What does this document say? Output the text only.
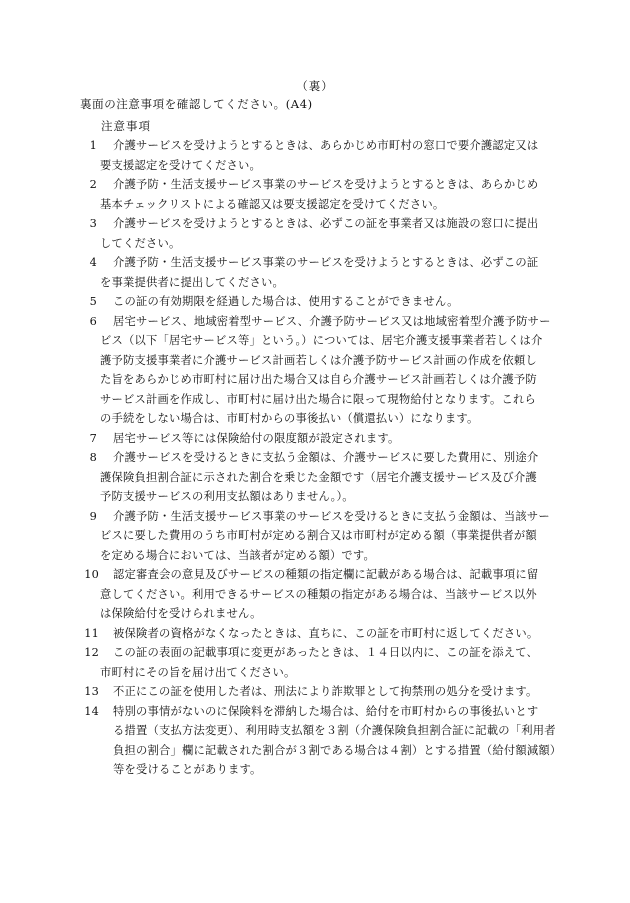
（裏）
裏面の注意事項を確認してください。(A4)
注意事項
1	介護サービスを受けようとするときは、あらかじめ市町村の窓口で要介護認定又は
要支援認定を受けてください。
2	介護予防・生活支援サービス事業のサービスを受けようとするときは、あらかじめ
基本チェックリストによる確認又は要支援認定を受けてください。
3	介護サービスを受けようとするときは、必ずこの証を事業者又は施設の窓口に提出
してください。
4	介護予防・生活支援サービス事業のサービスを受けようとするときは、必ずこの証
を事業提供者に提出してください。
5	この証の有効期限を経過した場合は、使用することができません。
6	居宅サービス、地域密着型サービス、介護予防サービス又は地域密着型介護予防サー
ビス（以下「居宅サービス等」という。）については、居宅介護支援事業者若しくは介
護予防支援事業者に介護サービス計画若しくは介護予防サービス計画の作成を依頼し
た旨をあらかじめ市町村に届け出た場合又は自ら介護サービス計画若しくは介護予防
サービス計画を作成し、市町村に届け出た場合に限って現物給付となります。これら
の手続をしない場合は、市町村からの事後払い（償還払い）になります。
7	居宅サービス等には保険給付の限度額が設定されます。
8	介護サービスを受けるときに支払う金額は、介護サービスに要した費用に、別途介
護保険負担割合証に示された割合を乗じた金額です（居宅介護支援サービス及び介護
予防支援サービスの利用支払額はありません。）。
9	介護予防・生活支援サービス事業のサービスを受けるときに支払う金額は、当該サー
ビスに要した費用のうち市町村が定める割合又は市町村が定める額（事業提供者が額
を定める場合においては、当該者が定める額）です。
10	認定審査会の意見及びサービスの種類の指定欄に記載がある場合は、記載事項に留
意してください。利用できるサービスの種類の指定がある場合は、当該サービス以外
は保険給付を受けられません。
11	被保険者の資格がなくなったときは、直ちに、この証を市町村に返してください。
12	この証の表面の記載事項に変更があったときは、１４日以内に、この証を添えて、
市町村にその旨を届け出てください。
13	不正にこの証を使用した者は、刑法により詐欺罪として拘禁刑の処分を受けます。
14	特別の事情がないのに保険料を滞納した場合は、給付を市町村からの事後払いとす
る措置（支払方法変更）、利用時支払額を３割（介護保険負担割合証に記載の「利用者
負担の割合」欄に記載された割合が３割である場合は４割）とする措置（給付額減額）
等を受けることがあります。
